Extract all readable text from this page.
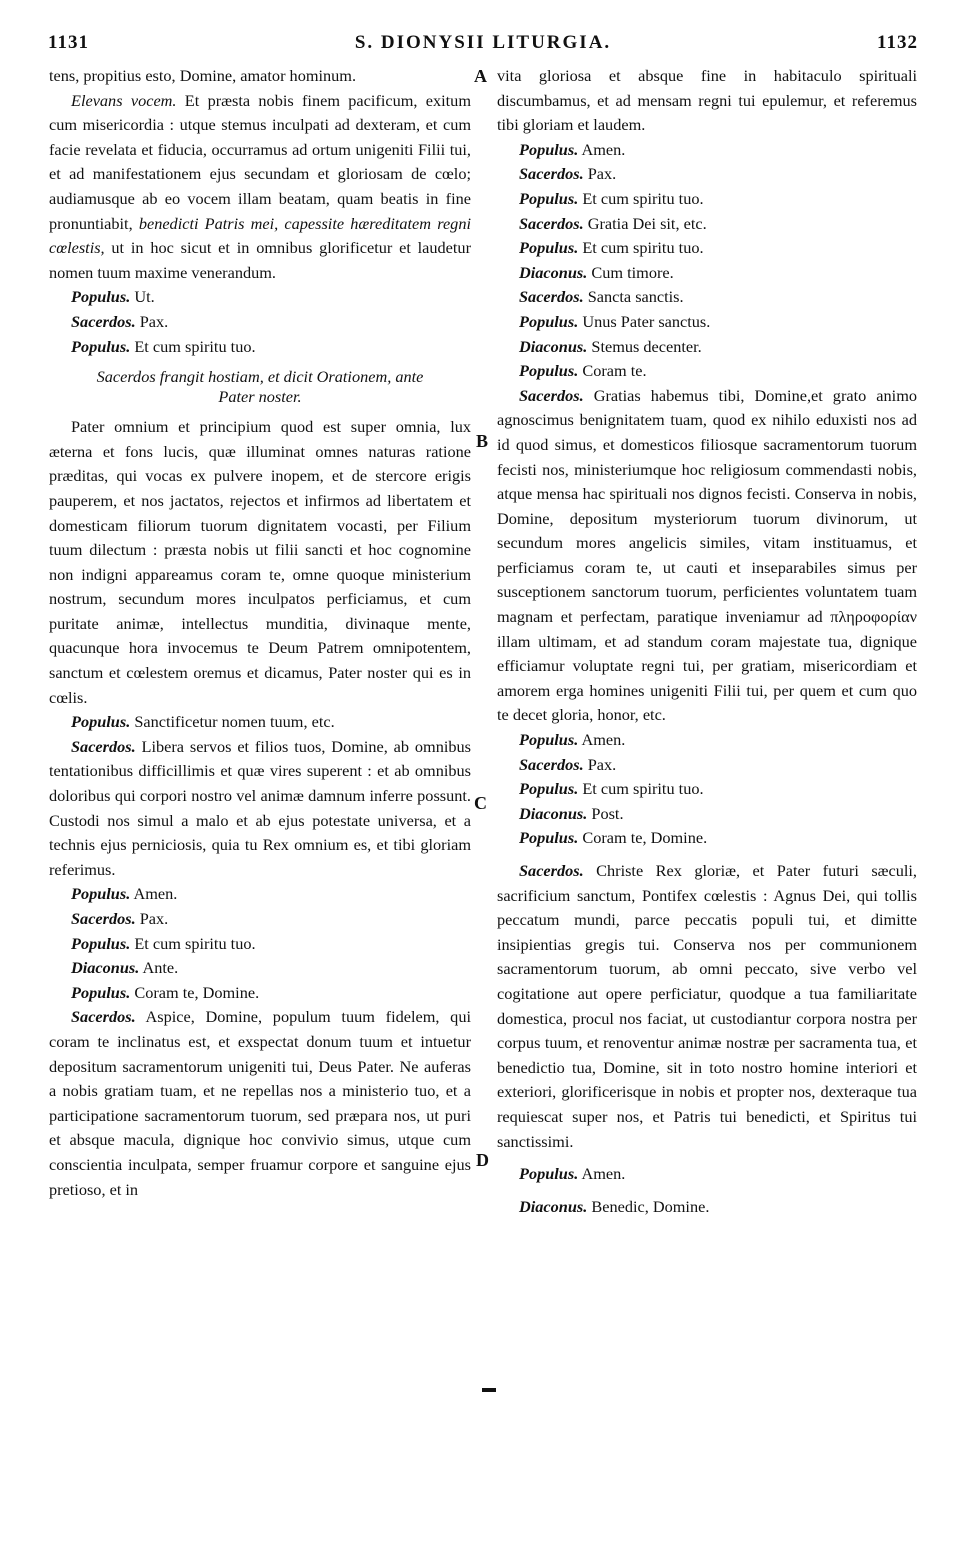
1131	S. DIONYSII LITURGIA.	1132
A
B
C
D

tens, propitius esto, Domine, amator hominum.

Elevans vocem. Et præsta nobis finem pacificum, exitum cum misericordia : utque stemus inculpati ad dexteram, et cum facie revelata et fiducia, occurramus ad ortum unigeniti Filii tui, et ad manifestationem ejus secundam et gloriosam de cœlo; audiamusque ab eo vocem illam beatam, quam beatis in fine pronuntiabit, benedicti Patris mei, capessite hæreditatem regni cœlestis, ut in hoc sicut et in omnibus glorificetur et laudetur nomen tuum maxime venerandum.

Populus. Ut.

Sacerdos. Pax.

Populus. Et cum spiritu tuo.

Sacerdos frangit hostiam, et dicit Orationem, ante
Pater noster.

Pater omnium et principium quod est super omnia, lux æterna et fons lucis, quæ illuminat omnes naturas ratione præditas, qui vocas ex pulvere inopem, et de stercore erigis pauperem, et nos jactatos, rejectos et infirmos ad libertatem et domesticam filiorum tuorum dignitatem vocasti, per Filium tuum dilectum : præsta nobis ut filii sancti et hoc cognomine non indigni appareamus coram te, omne quoque ministerium nostrum, secundum mores inculpatos perficiamus, et cum puritate animæ, intellectus munditia, divinaque mente, quacunque hora invocemus te Deum Patrem omnipotentem, sanctum et cœlestem oremus et dicamus, Pater noster qui es in cœlis.

Populus. Sanctificetur nomen tuum, etc.

Sacerdos. Libera servos et filios tuos, Domine, ab omnibus tentationibus difficillimis et quæ vires superent : et ab omnibus doloribus qui corpori nostro vel animæ damnum inferre possunt. Custodi nos simul a malo et ab ejus potestate universa, et a technis ejus perniciosis, quia tu Rex omnium es, et tibi gloriam referimus.

Populus. Amen.

Sacerdos. Pax.

Populus. Et cum spiritu tuo.

Diaconus. Ante.

Populus. Coram te, Domine.

Sacerdos. Aspice, Domine, populum tuum fidelem, qui coram te inclinatus est, et exspectat donum tuum et intuetur depositum sacramentorum unigeniti tui, Deus Pater. Ne auferas a nobis gratiam tuam, et ne repellas nos a ministerio tuo, et a participatione sacramentorum tuorum, sed præpara nos, ut puri et absque macula, dignique hoc convivio simus, utque cum conscientia inculpata, semper fruamur corpore et sanguine ejus pretioso, et in

vita gloriosa et absque fine in habitaculo spirituali discumbamus, et ad mensam regni tui epulemur, et referemus tibi gloriam et laudem.

Populus. Amen.

Sacerdos. Pax.

Populus. Et cum spiritu tuo.

Sacerdos. Gratia Dei sit, etc.

Populus. Et cum spiritu tuo.

Diaconus. Cum timore.

Sacerdos. Sancta sanctis.

Populus. Unus Pater sanctus.

Diaconus. Stemus decenter.

Populus. Coram te.

Sacerdos. Gratias habemus tibi, Domine,et grato animo agnoscimus benignitatem tuam, quod ex nihilo eduxisti nos ad id quod simus, et domesticos filiosque sacramentorum tuorum fecisti nos, ministeriumque hoc religiosum commendasti nobis, atque mensa hac spirituali nos dignos fecisti. Conserva in nobis, Domine, depositum mysteriorum tuorum divinorum, ut secundum mores angelicis similes, vitam instituamus, et perficiamus coram te, ut cauti et inseparabiles simus per susceptionem sanctorum tuorum, perficientes voluntatem tuam magnam et perfectam, paratique inveniamur ad πληροφορίαν illam ultimam, et ad standum coram majestate tua, dignique efficiamur voluptate regni tui, per gratiam, misericordiam et amorem erga homines unigeniti Filii tui, per quem et cum quo te decet gloria, honor, etc.

Populus. Amen.

Sacerdos. Pax.

Populus. Et cum spiritu tuo.

Diaconus. Post.

Populus. Coram te, Domine.

Sacerdos. Christe Rex gloriæ, et Pater futuri sæculi, sacrificium sanctum, Pontifex cœlestis : Agnus Dei, qui tollis peccatum mundi, parce peccatis populi tui, et dimitte insipientias gregis tui. Conserva nos per communionem sacramentorum tuorum, ab omni peccato, sive verbo vel cogitatione aut opere perficiatur, quodque a tua familiaritate domestica, procul nos faciat, ut custodiantur corpora nostra per corpus tuum, et renoventur animæ nostræ per sacramenta tua, et benedictio tua, Domine, sit in toto nostro homine interiori et exteriori, glorificerisque in nobis et propter nos, dexteraque tua requiescat super nos, et Patris tui benedicti, et Spiritus tui sanctissimi.

Populus. Amen.

Diaconus. Benedic, Domine.
